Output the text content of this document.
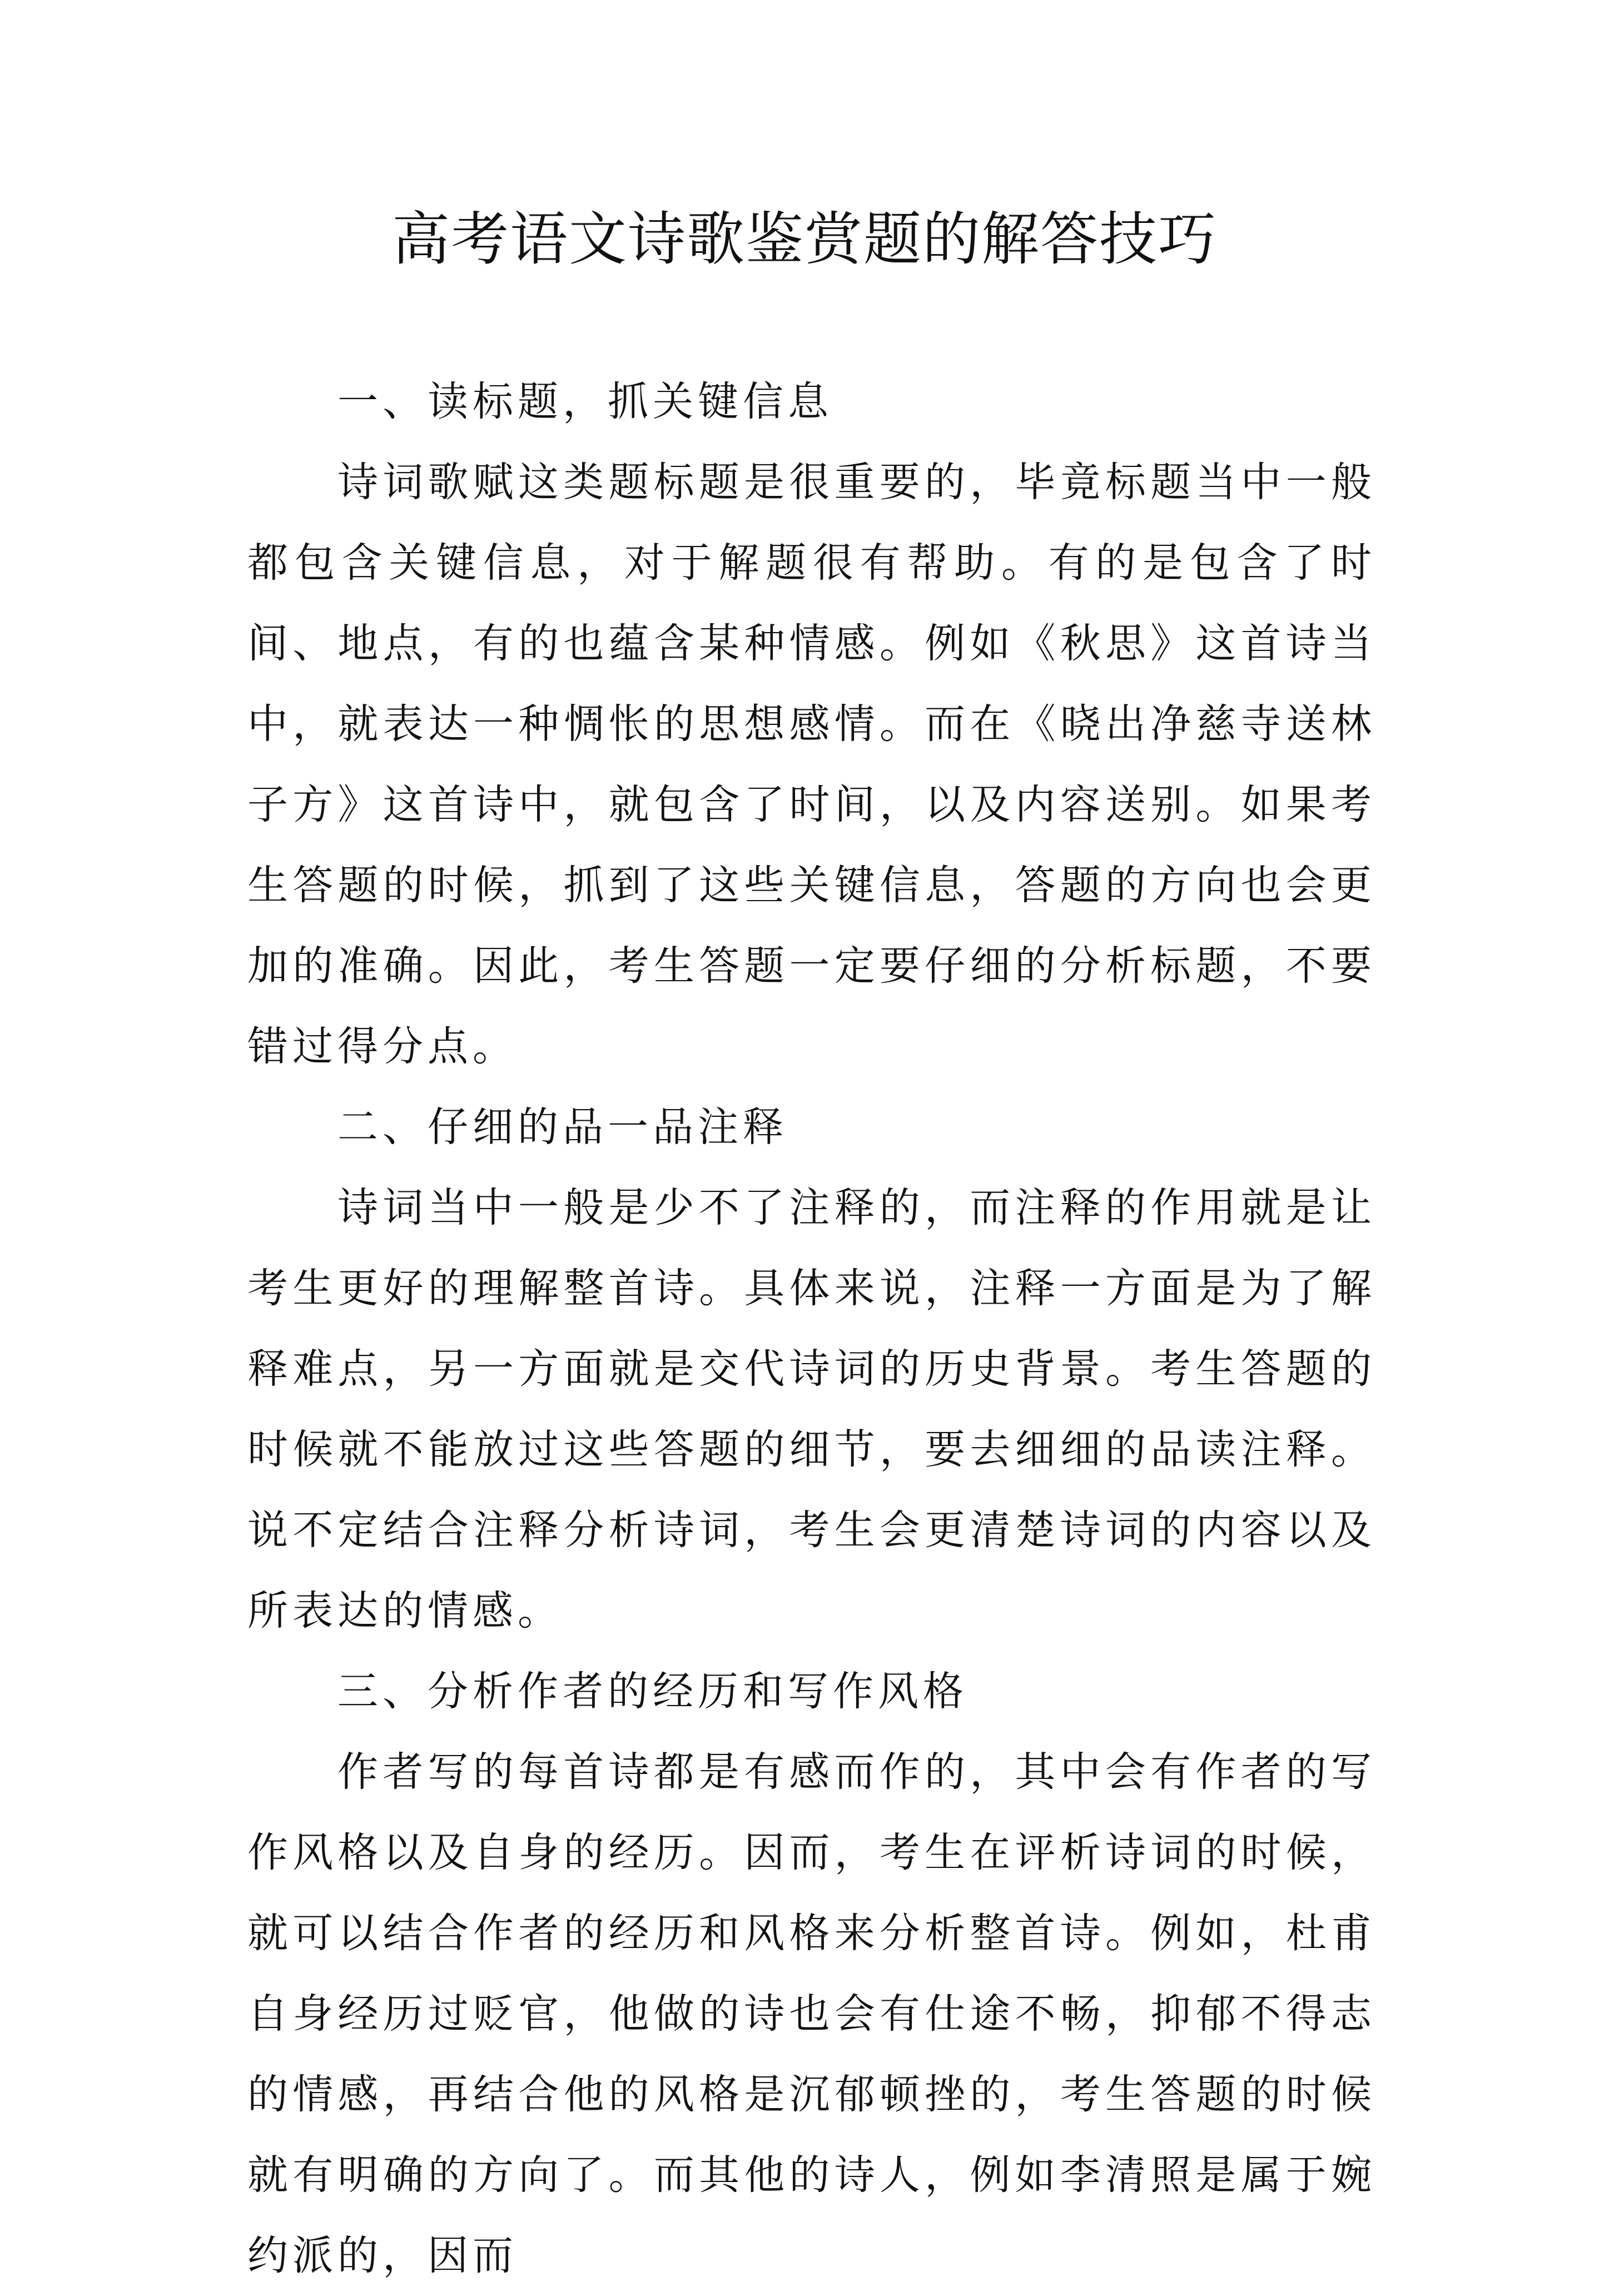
高考语文诗歌鉴赏题的解答技巧

一、读标题，抓关键信息

诗词歌赋这类题标题是很重要的，毕竟标题当中一般都包含关键信息，对于解题很有帮助。有的是包含了时间、地点，有的也蕴含某种情感。例如《秋思》这首诗当中，就表达一种惆怅的思想感情。而在《晓出净慈寺送林子方》这首诗中，就包含了时间，以及内容送别。如果考生答题的时候，抓到了这些关键信息，答题的方向也会更加的准确。因此，考生答题一定要仔细的分析标题，不要错过得分点。

二、仔细的品一品注释

诗词当中一般是少不了注释的，而注释的作用就是让考生更好的理解整首诗。具体来说，注释一方面是为了解释难点，另一方面就是交代诗词的历史背景。考生答题的时候就不能放过这些答题的细节，要去细细的品读注释。说不定结合注释分析诗词，考生会更清楚诗词的内容以及所表达的情感。

三、分析作者的经历和写作风格

作者写的每首诗都是有感而作的，其中会有作者的写作风格以及自身的经历。因而，考生在评析诗词的时候，就可以结合作者的经历和风格来分析整首诗。例如，杜甫自身经历过贬官，他做的诗也会有仕途不畅，抑郁不得志的情感，再结合他的风格是沉郁顿挫的，考生答题的时候就有明确的方向了。而其他的诗人，例如李清照是属于婉约派的，因而
